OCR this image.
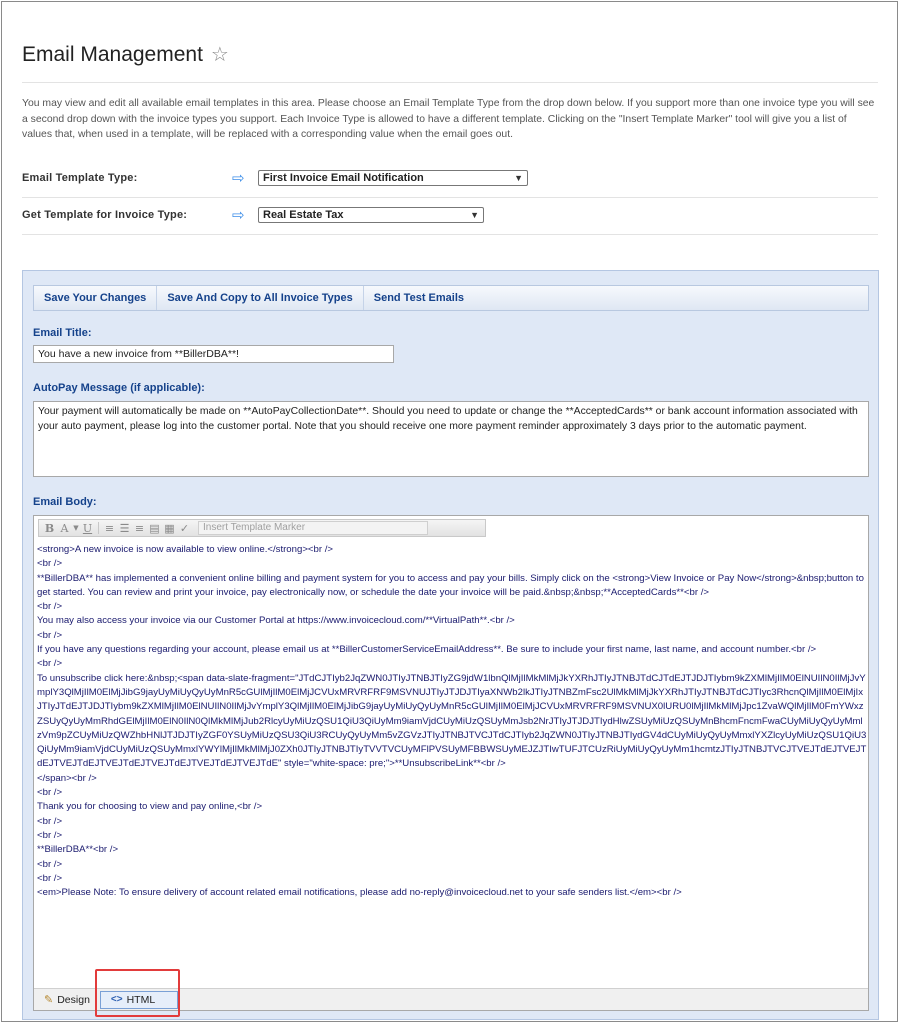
Email Management ☆

You may view and edit all available email templates in this area. Please choose an Email Template Type from the drop down below. If you support more than one invoice type you will see a second drop down with the invoice types you support. Each Invoice Type is allowed to have a different template. Clicking on the "Insert Template Marker" tool will give you a list of values that, when used in a template, will be replaced with a corresponding value when the email goes out.

Email Template Type:	⇨	First Invoice Email Notification	▼
Get Template for Invoice Type:	⇨	Real Estate Tax	▼
Save Your Changes	Save And Copy to All Invoice Types	Send Test Emails
Email Title:
You have a new invoice from **BillerDBA**!
AutoPay Message (if applicable):
Your payment will automatically be made on **AutoPayCollectionDate**. Should you need to update or change the **AcceptedCards** or bank account information associated with your auto payment, please log into the customer portal. Note that you should receive one more payment reminder approximately 3 days prior to the automatic payment.
Email Body:
B A ▼ U ≡ ☰ ≡ ▤ ▦ ✓	Insert Template Marker
<strong>A new invoice is now available to view online.</strong><br />
<br />
**BillerDBA** has implemented a convenient online billing and payment system for you to access and pay your bills. Simply click on the <strong>View Invoice or Pay Now</strong>&nbsp;button to get started. You can review and print your invoice, pay electronically now, or schedule the date your invoice will be paid.&nbsp;&nbsp;**AcceptedCards**<br />
<br />
You may also access your invoice via our Customer Portal at https://www.invoicecloud.com/**VirtualPath**.<br />
<br />
If you have any questions regarding your account, please email us at **BillerCustomerServiceEmailAddress**. Be sure to include your first name, last name, and account number.<br />
<br />
To unsubscribe click here:&nbsp;<span data-slate-fragment="JTdCJTIyb2JqZWN0JTIyJTNBJTIyZG9jdW1lbnQlMjIlMkMlMjJkYXRhJTIyJTNBJTdCJTdEJTJDJTIybm9kZXMlMjIlM0ElNUIlN0IlMjJvYmplY3QlMjIlM0ElMjJibG9jayUyMiUyQyUyMnR5cGUlMjIlM0ElMjJCVUxMRVRFRF9MSVNUJTIyJTJDJTIyaXNWb2lkJTIyJTNBZmFsc2UlMkMlMjJkYXRhJTIyJTNBJTdCJTIyc3RhcnQlMjIlM0ElMjIxJTIyJTdEJTJDJTIybm9kZXMlMjIlM0ElNUIlN0IlMjJvYmplY3QlMjIlM0ElMjJibG9jayUyMiUyQyUyMnR5cGUlMjIlM0ElMjJCVUxMRVRFRF9MSVNUX0lURU0lMjIlMkMlMjJpc1ZvaWQlMjIlM0FmYWxzZSUyQyUyMmRhdGElMjIlM0ElN0IlN0QlMkMlMjJub2RlcyUyMiUzQSU1QiU3QiUyMm9iamVjdCUyMiUzQSUyMmJsb2NrJTIyJTJDJTIydHlwZSUyMiUzQSUyMnBhcmFncmFwaCUyMiUyQyUyMmlzVm9pZCUyMiUzQWZhbHNlJTJDJTIyZGF0YSUyMiUzQSU3QiU3RCUyQyUyMm5vZGVzJTIyJTNBJTVCJTdCJTIyb2JqZWN0JTIyJTNBJTIydGV4dCUyMiUyQyUyMmxlYXZlcyUyMiUzQSU1QiU3QiUyMm9iamVjdCUyMiUzQSUyMmxlYWYlMjIlMkMlMjJ0ZXh0JTIyJTNBJTIyTVVTVCUyMFlPVSUyMFBBWSUyMEJZJTIwTUFJTCUzRiUyMiUyQyUyMm1hcmtzJTIyJTNBJTVCJTVEJTdEJTVEJTdEJTVEJTdEJTVEJTdEJTVEJTdEJTVEJTdEJTVEJTdE" style="white-space: pre;">**UnsubscribeLink**<br />
</span><br />
<br />
Thank you for choosing to view and pay online,<br />
<br />
<br />
**BillerDBA**<br />
<br />
<br />
<em>Please Note: To ensure delivery of account related email notifications, please add no-reply@invoicecloud.net to your safe senders list.</em><br />
✎ Design <> HTML
